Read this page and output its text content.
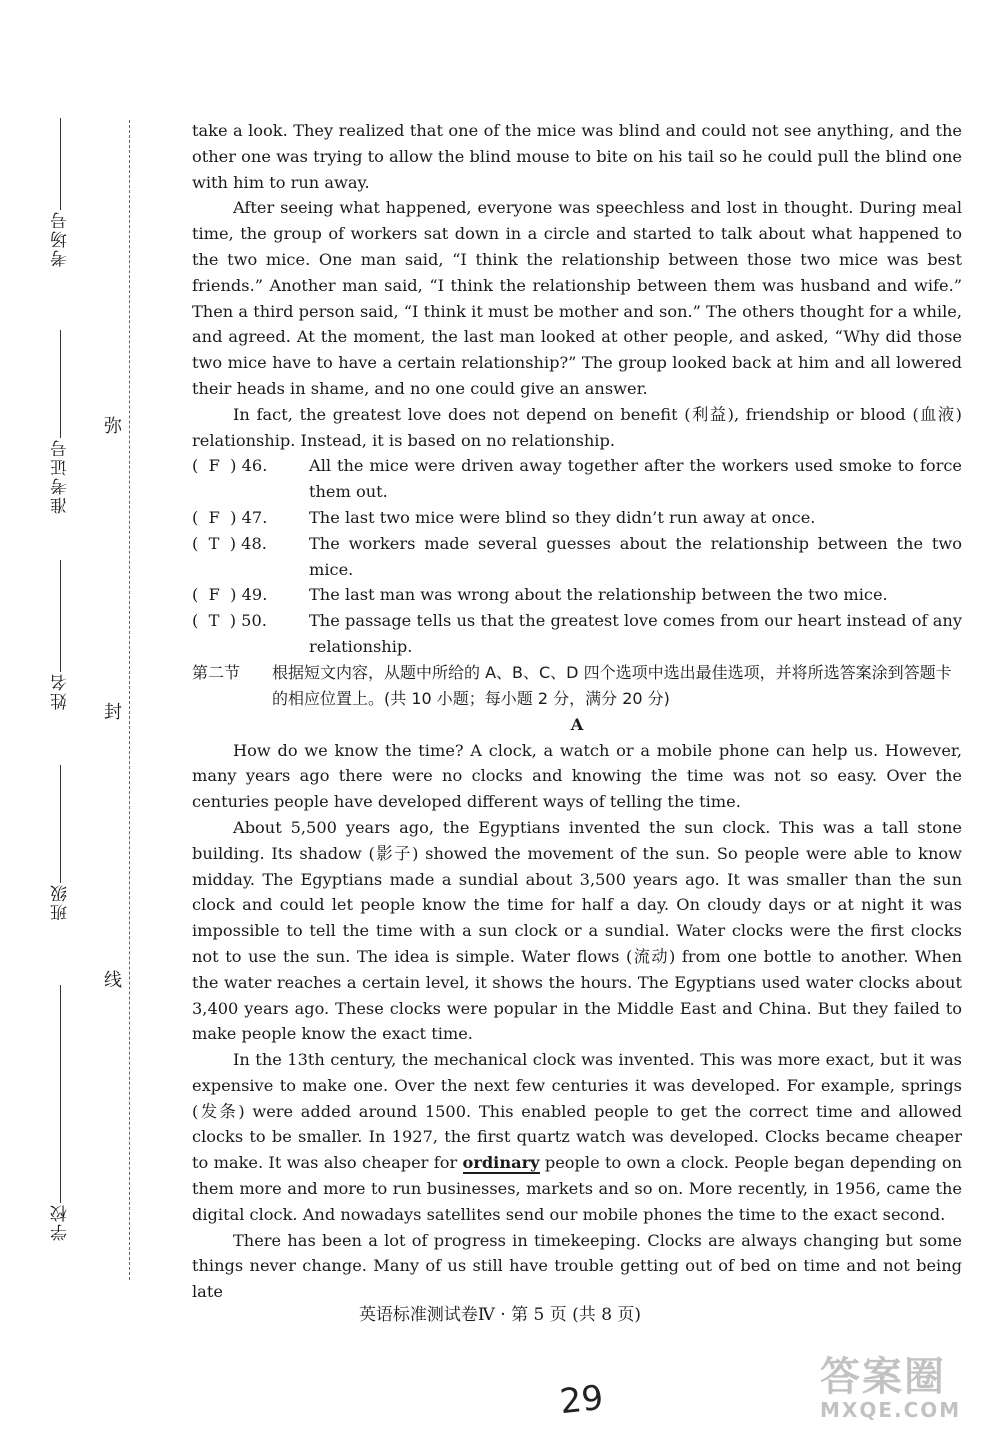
考场号
准考证号
姓名
班级
学校
弥
封
线

take a look. They realized that one of the mice was blind and could not see anything, and the other one was trying to allow the blind mouse to bite on his tail so he could pull the blind one with him to run away.

After seeing what happened, everyone was speechless and lost in thought. During meal time, the group of workers sat down in a circle and started to talk about what happened to the two mice. One man said, “I think the relationship between those two mice was best friends.” Another man said, “I think the relationship between them was husband and wife.” Then a third person said, “I think it must be mother and son.” The others thought for a while, and agreed. At the moment, the last man looked at other people, and asked, “Why did those two mice have to have a certain relationship?” The group looked back at him and all lowered their heads in shame, and no one could give an answer.

In fact, the greatest love does not depend on benefit (利益), friendship or blood (血液) relationship. Instead, it is based on no relationship.

(  F  ) 46.	All the mice were driven away together after the workers used smoke to force them out.
(  F  ) 47.	The last two mice were blind so they didn’t run away at once.
(  T  ) 48.	The workers made several guesses about the relationship between the two mice.
(  F  ) 49.	The last man was wrong about the relationship between the two mice.
(  T  ) 50.	The passage tells us that the greatest love comes from our heart instead of any relationship.
第二节	根据短文内容，从题中所给的 A、B、C、D 四个选项中选出最佳选项，并将所选答案涂到答题卡的相应位置上。(共 10 小题；每小题 2 分，满分 20 分)

A

How do we know the time? A clock, a watch or a mobile phone can help us. However, many years ago there were no clocks and knowing the time was not so easy. Over the centuries people have developed different ways of telling the time.

About 5,500 years ago, the Egyptians invented the sun clock. This was a tall stone building. Its shadow (影子) showed the movement of the sun. So people were able to know midday. The Egyptians made a sundial about 3,500 years ago. It was smaller than the sun clock and could let people know the time for half a day. On cloudy days or at night it was impossible to tell the time with a sun clock or a sundial. Water clocks were the first clocks not to use the sun. The idea is simple. Water flows (流动) from one bottle to another. When the water reaches a certain level, it shows the hours. The Egyptians used water clocks about 3,400 years ago. These clocks were popular in the Middle East and China. But they failed to make people know the exact time.

In the 13th century, the mechanical clock was invented. This was more exact, but it was expensive to make one. Over the next few centuries it was developed. For example, springs (发条) were added around 1500. This enabled people to get the correct time and allowed clocks to be smaller. In 1927, the first quartz watch was developed. Clocks became cheaper to make. It was also cheaper for ordinary people to own a clock. People began depending on them more and more to run businesses, markets and so on. More recently, in 1956, came the digital clock. And nowadays satellites send our mobile phones the time to the exact second.

There has been a lot of progress in timekeeping. Clocks are always changing but some things never change. Many of us still have trouble getting out of bed on time and not being late

英语标准测试卷Ⅳ · 第 5 页 (共 8 页)
29	答案圈
MXQE.COM
